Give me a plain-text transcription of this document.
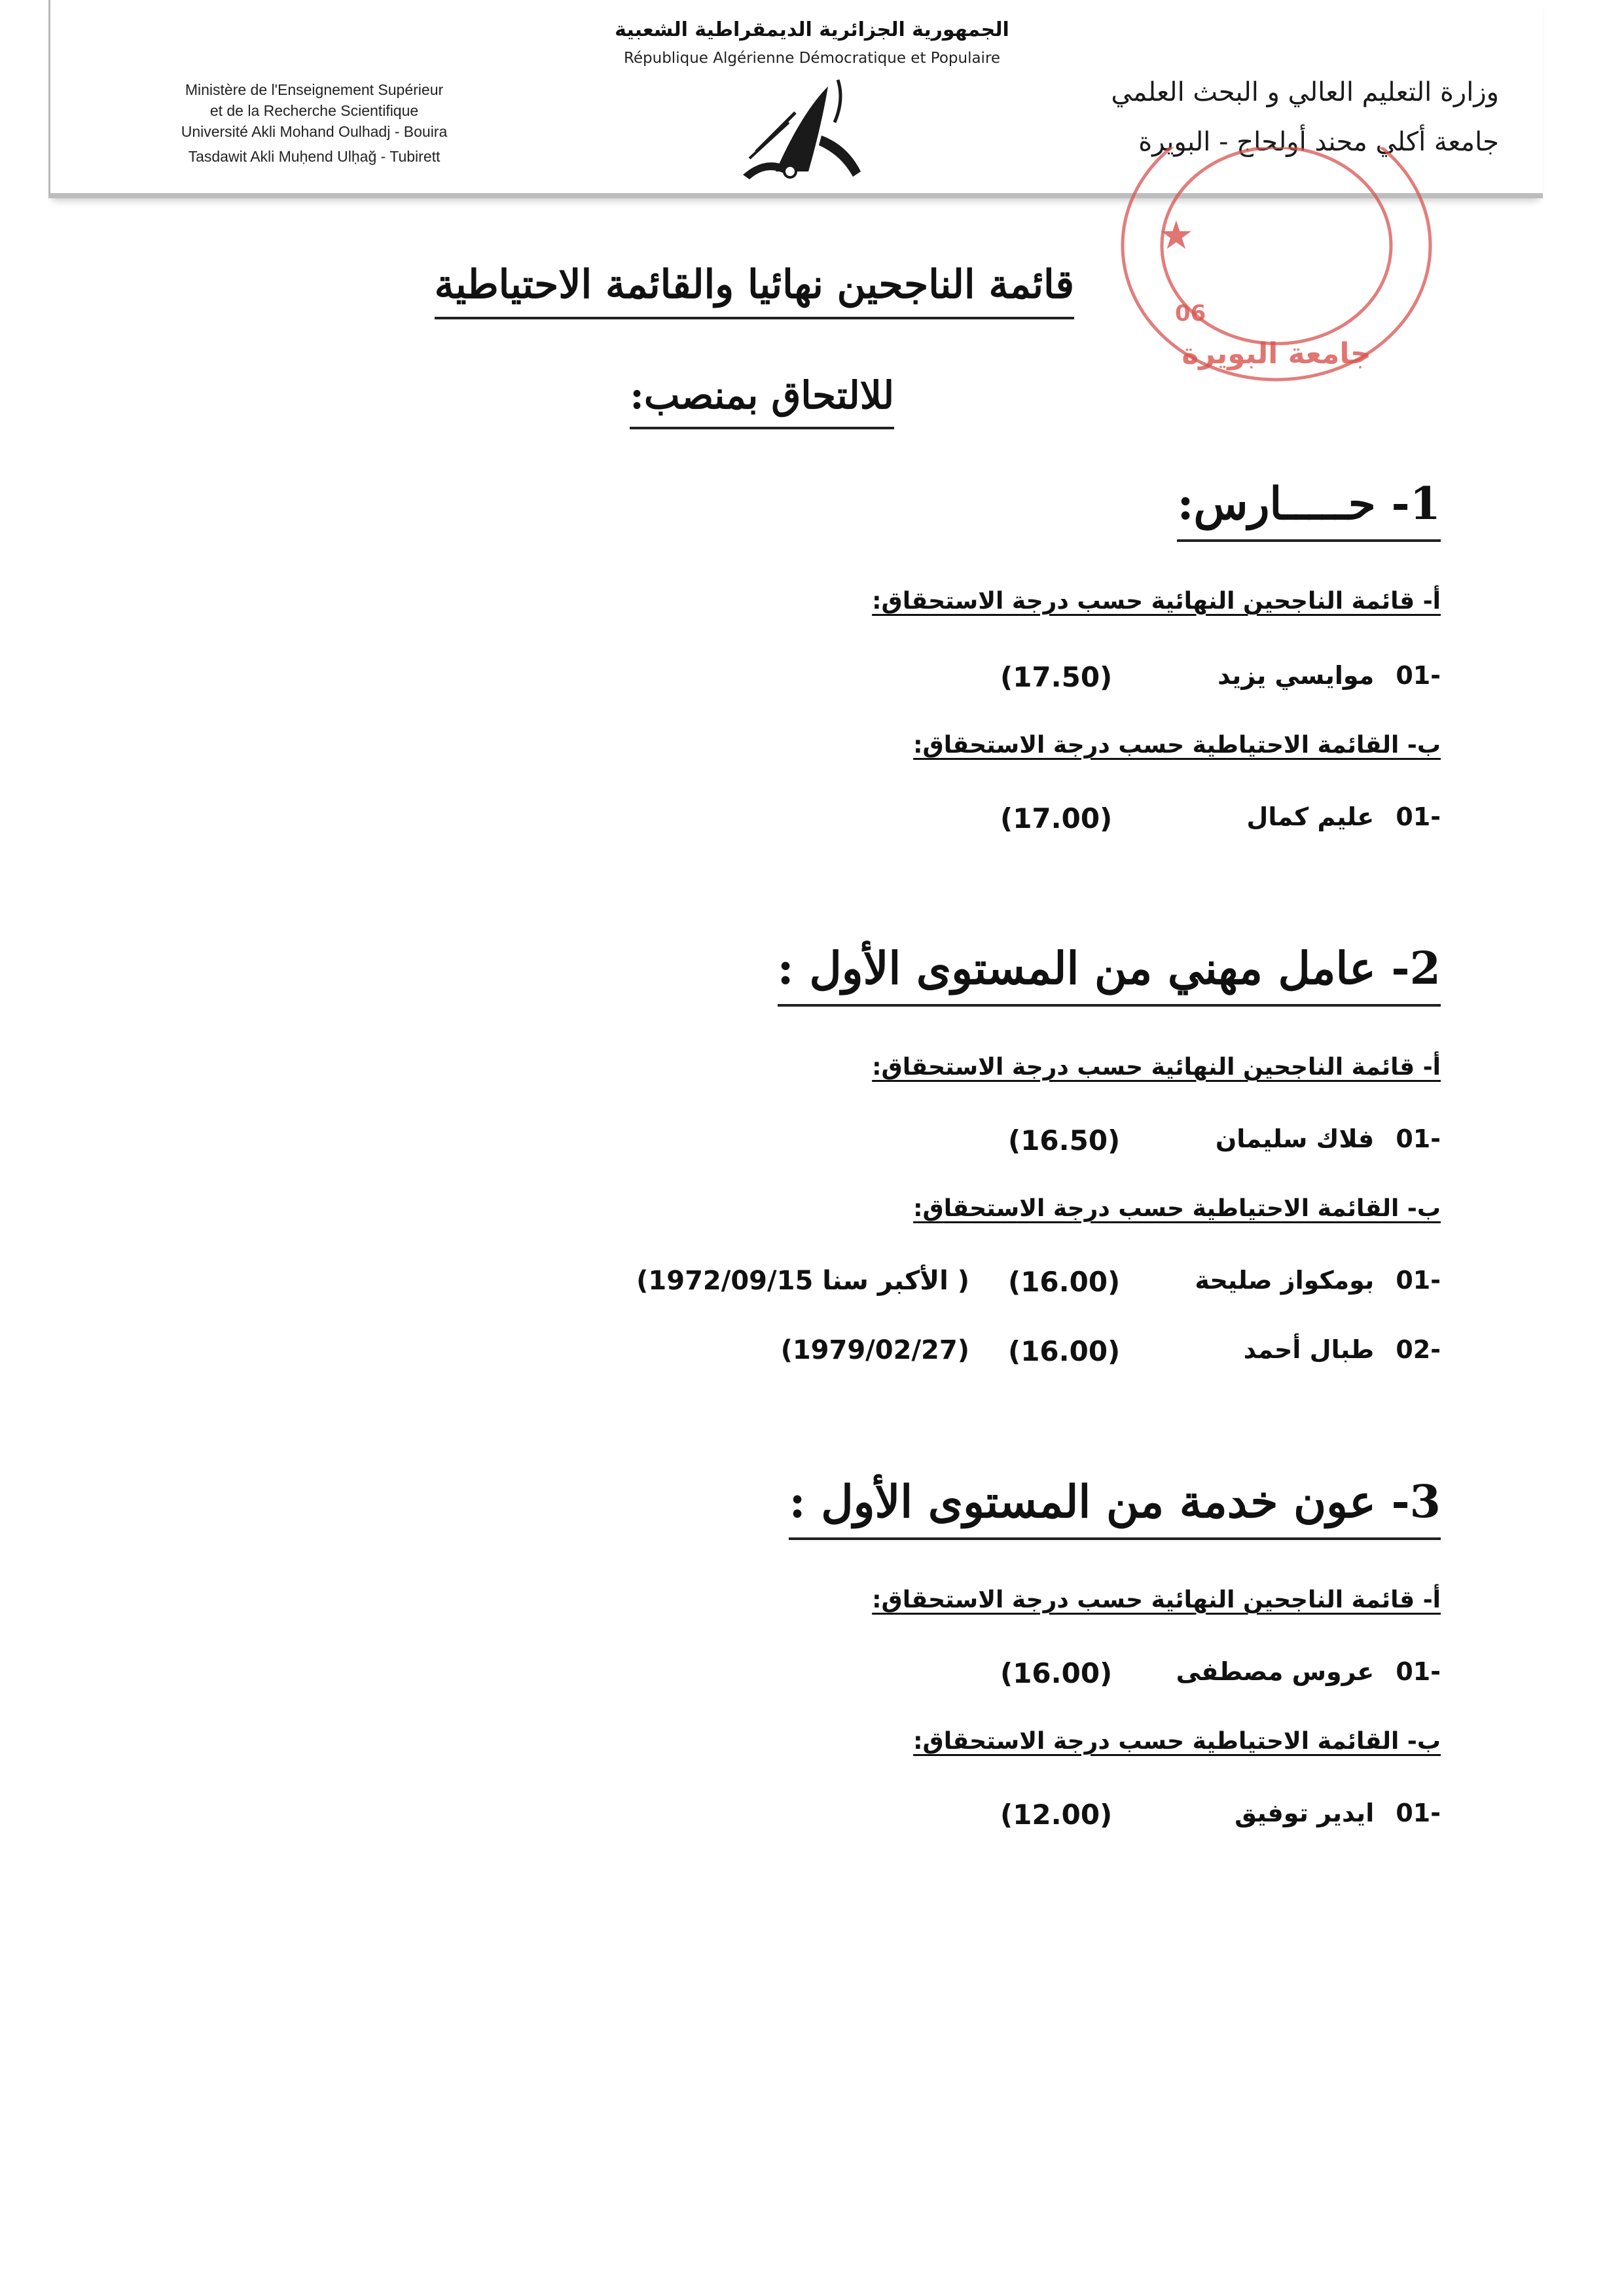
الجمهورية الجزائرية الديمقراطية الشعبية
République Algérienne Démocratique et Populaire
Ministère de l'Enseignement Supérieur
et de la Recherche Scientifique
Université Akli Mohand Oulhadj - Bouira
Tasdawit Akli Muḥend Ulḥağ - Tubirett
وزارة التعليم العالي و البحث العلمي
جامعة أكلي محند أولحاج - البويرة
★
06
جامعة البويرة
قائمة الناجحين نهائيا والقائمة الاحتياطية
للالتحاق بمنصب:
1- حـــــارس:
أ- قائمة الناجحين النهائية حسب درجة الاستحقاق:
-01 موايسي يزيد
(17.50)
ب- القائمة الاحتياطية حسب درجة الاستحقاق:
-01 عليم كمال
(17.00)
2- عامل مهني من المستوى الأول :
أ- قائمة الناجحين النهائية حسب درجة الاستحقاق:
-01 فلاك سليمان
(16.50)
ب- القائمة الاحتياطية حسب درجة الاستحقاق:
-01 بومكواز صليحة
(16.00)
( الأكبر سنا 1972/09/15)
-02 طبال أحمد
(16.00)
(1979/02/27)
3- عون خدمة من المستوى الأول :
أ- قائمة الناجحين النهائية حسب درجة الاستحقاق:
-01 عروس مصطفى
(16.00)
ب- القائمة الاحتياطية حسب درجة الاستحقاق:
-01 ايدير توفيق
(12.00)
